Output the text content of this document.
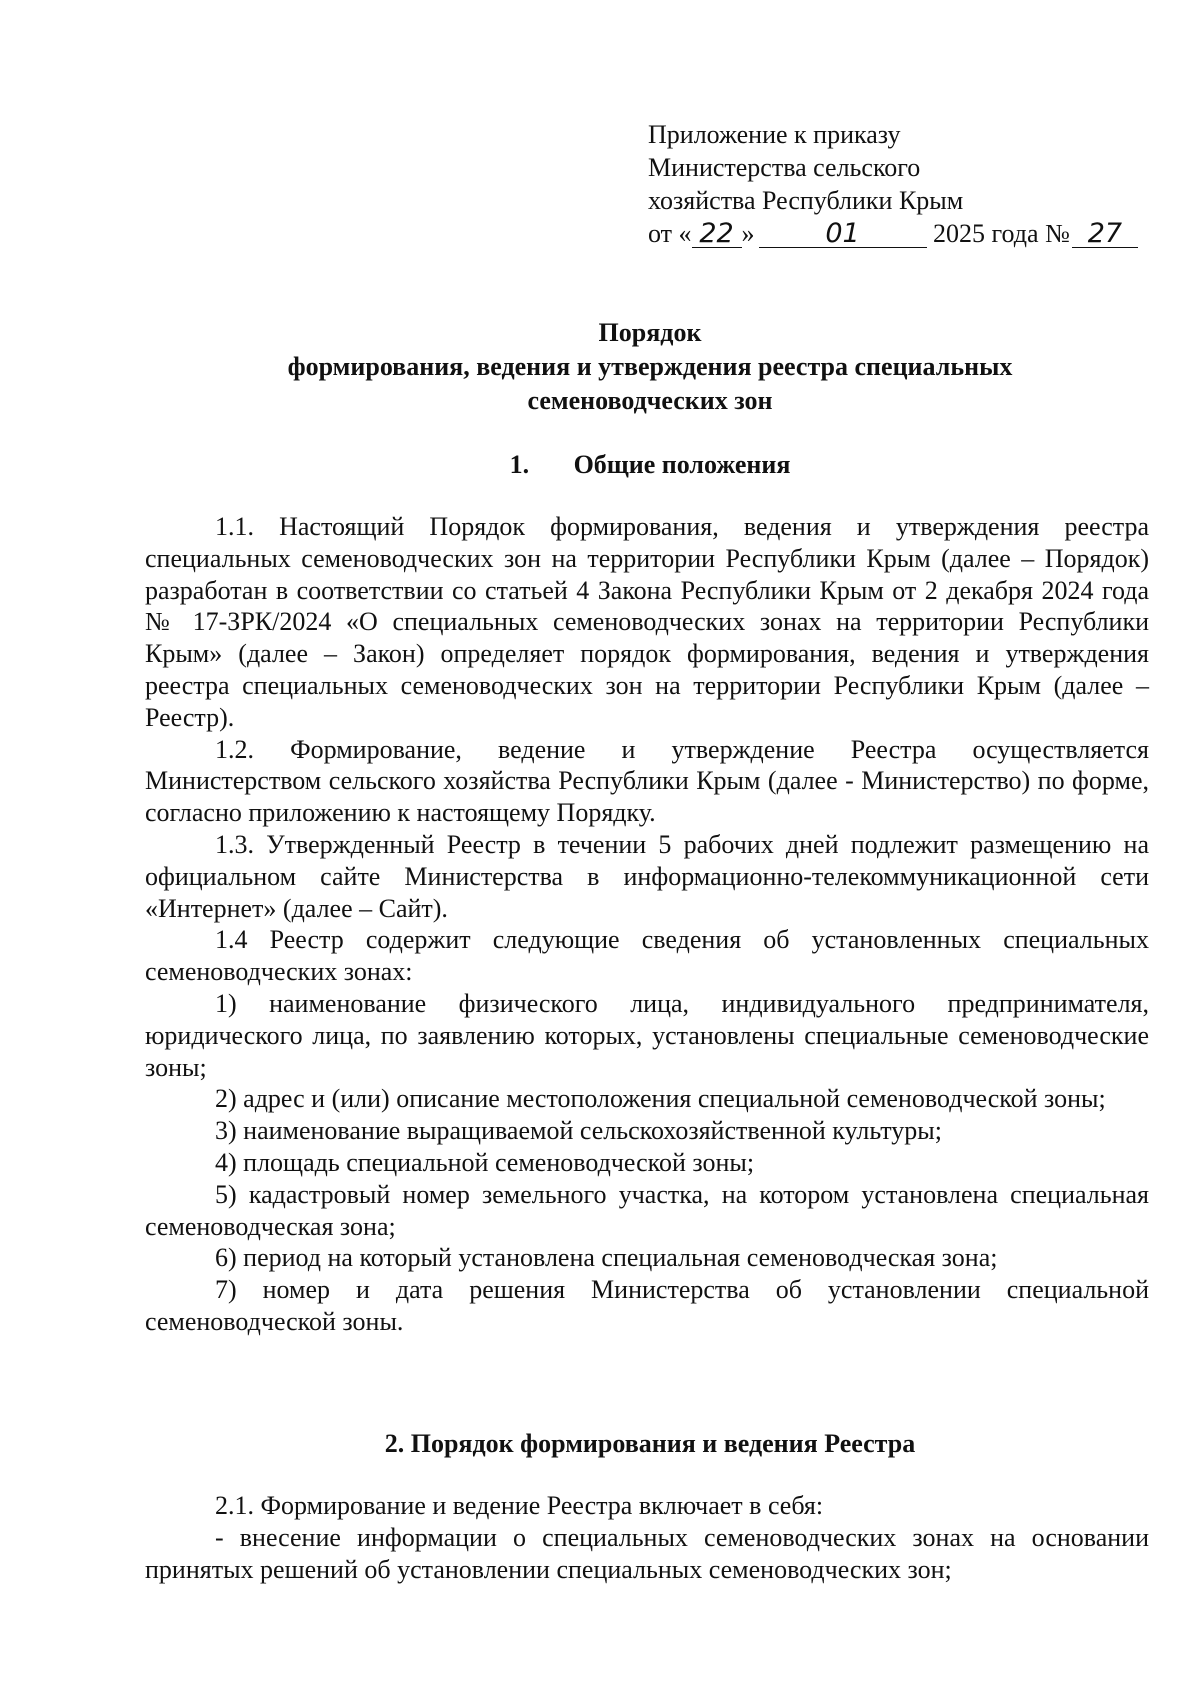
Приложение к приказу
Министерства сельского
хозяйства Республики Крым
от « 22 »	01	2025 года № 27
Порядок
формирования, ведения и утверждения реестра специальных
семеноводческих зон
1. Общие положения

1.1. Настоящий Порядок формирования, ведения и утверждения реестра специальных семеноводческих зон на территории Республики Крым (далее – Порядок) разработан в соответствии со статьей 4 Закона Республики Крым от 2 декабря 2024 года № 17-ЗРК/2024 «О специальных семеноводческих зонах на территории Республики Крым» (далее – Закон) определяет порядок формирования, ведения и утверждения реестра специальных семеноводческих зон на территории Республики Крым (далее – Реестр).

1.2. Формирование, ведение и утверждение Реестра осуществляется Министерством сельского хозяйства Республики Крым (далее - Министерство) по форме, согласно приложению к настоящему Порядку.

1.3. Утвержденный Реестр в течении 5 рабочих дней подлежит размещению на официальном сайте Министерства в информационно-телекоммуникационной сети «Интернет» (далее – Сайт).

1.4 Реестр содержит следующие сведения об установленных специальных семеноводческих зонах:

1) наименование физического лица, индивидуального предпринимателя, юридического лица, по заявлению которых, установлены специальные семеноводческие зоны;

2) адрес и (или) описание местоположения специальной семеноводческой зоны;

3) наименование выращиваемой сельскохозяйственной культуры;

4) площадь специальной семеноводческой зоны;

5) кадастровый номер земельного участка, на котором установлена специальная семеноводческая зона;

6) период на который установлена специальная семеноводческая зона;

7) номер и дата решения Министерства об установлении специальной семеноводческой зоны.

2. Порядок формирования и ведения Реестра

2.1. Формирование и ведение Реестра включает в себя:

- внесение информации о специальных семеноводческих зонах на основании принятых решений об установлении специальных семеноводческих зон;
